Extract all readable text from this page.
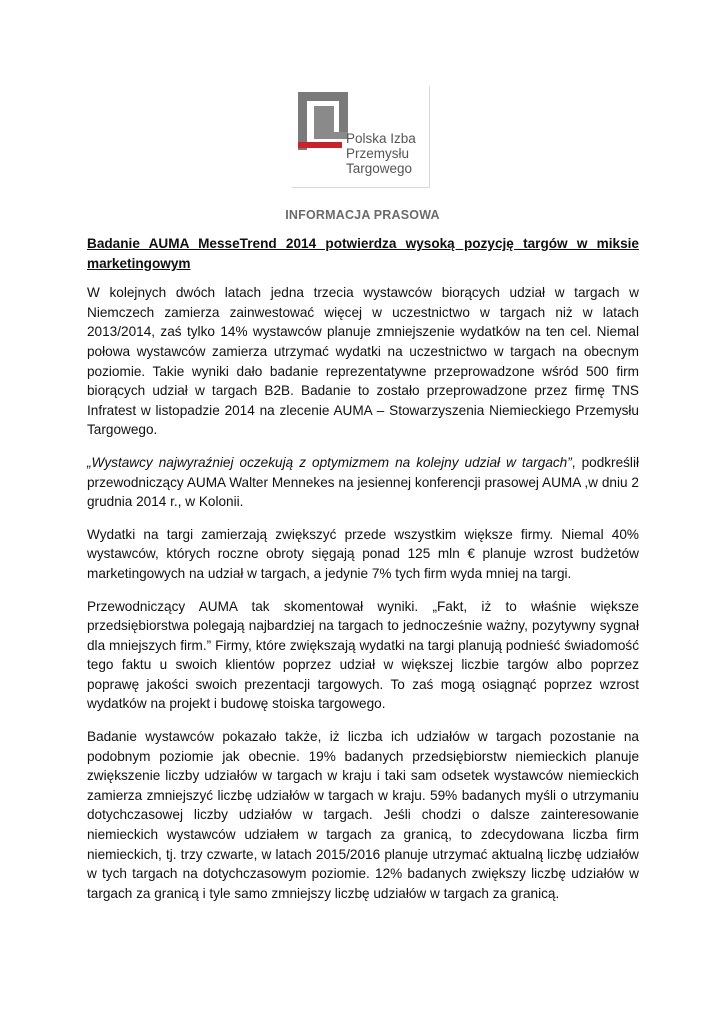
Polska Izba
Przemysłu
Targowego
INFORMACJA PRASOWA
Badanie AUMA MesseTrend 2014 potwierdza wysoką pozycję targów w miksie marketingowym

W kolejnych dwóch latach jedna trzecia wystawców biorących udział w targach w Niemczech zamierza zainwestować więcej w uczestnictwo w targach niż w latach 2013/2014, zaś tylko 14% wystawców planuje zmniejszenie wydatków na ten cel. Niemal połowa wystawców zamierza utrzymać wydatki na uczestnictwo w targach na obecnym poziomie. Takie wyniki dało badanie reprezentatywne przeprowadzone wśród 500 firm biorących udział w targach B2B. Badanie to zostało przeprowadzone przez firmę TNS Infratest w listopadzie 2014 na zlecenie AUMA – Stowarzyszenia Niemieckiego Przemysłu Targowego.

„Wystawcy najwyraźniej oczekują z optymizmem na kolejny udział w targach”, podkreślił przewodniczący AUMA Walter Mennekes na jesiennej konferencji prasowej AUMA ,w dniu 2 grudnia 2014 r., w Kolonii.

Wydatki na targi zamierzają zwiększyć przede wszystkim większe firmy. Niemal 40% wystawców, których roczne obroty sięgają ponad 125 mln € planuje wzrost budżetów marketingowych na udział w targach, a jedynie 7% tych firm wyda mniej na targi.

Przewodniczący AUMA tak skomentował wyniki. „Fakt, iż to właśnie większe przedsiębiorstwa polegają najbardziej na targach to jednocześnie ważny, pozytywny sygnał dla mniejszych firm.” Firmy, które zwiększają wydatki na targi planują podnieść świadomość tego faktu u swoich klientów poprzez udział w większej liczbie targów albo poprzez poprawę jakości swoich prezentacji targowych. To zaś mogą osiągnąć poprzez wzrost wydatków na projekt i budowę stoiska targowego.

Badanie wystawców pokazało także, iż liczba ich udziałów w targach pozostanie na podobnym poziomie jak obecnie. 19% badanych przedsiębiorstw niemieckich planuje zwiększenie liczby udziałów w targach w kraju i taki sam odsetek wystawców niemieckich zamierza zmniejszyć liczbę udziałów w targach w kraju. 59% badanych myśli o utrzymaniu dotychczasowej liczby udziałów w targach. Jeśli chodzi o dalsze zainteresowanie niemieckich wystawców udziałem w targach za granicą, to zdecydowana liczba firm niemieckich, tj. trzy czwarte, w latach 2015/2016 planuje utrzymać aktualną liczbę udziałów w tych targach na dotychczasowym poziomie. 12% badanych zwiększy liczbę udziałów w targach za granicą i tyle samo zmniejszy liczbę udziałów w targach za granicą.
